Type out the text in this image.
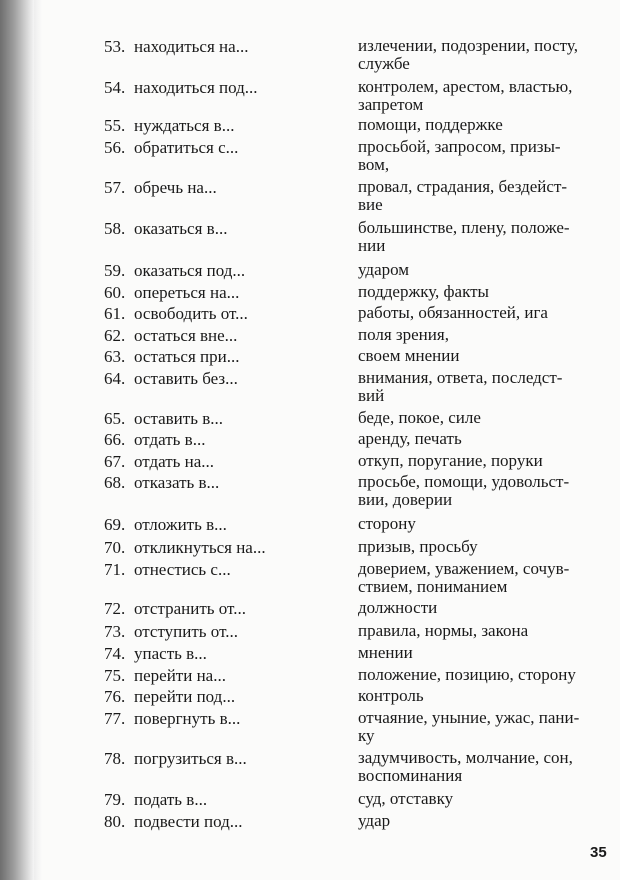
53. находиться на...	излечении, подозрении, посту,
службе
54. находиться под...	контролем, арестом, властью,
запретом
55. нуждаться в...	помощи, поддержке
56. обратиться с...	просьбой, запросом, призы-
вом,
57. обречь на...	провал, страдания, бездейст-
вие
58. оказаться в...	большинстве, плену, положе-
нии
59. оказаться под...	ударом
60. опереться на...	поддержку, факты
61. освободить от...	работы, обязанностей, ига
62. остаться вне...	поля зрения,
63. остаться при...	своем мнении
64. оставить без...	внимания, ответа, последст-
вий
65. оставить в...	беде, покое, силе
66. отдать в...	аренду, печать
67. отдать на...	откуп, поругание, поруки
68. отказать в...	просьбе, помощи, удовольст-
вии, доверии
69. отложить в...	сторону
70. откликнуться на...	призыв, просьбу
71. отнестись с...	доверием, уважением, сочув-
ствием, пониманием
72. отстранить от...	должности
73. отступить от...	правила, нормы, закона
74. упасть в...	мнении
75. перейти на...	положение, позицию, сторону
76. перейти под...	контроль
77. повергнуть в...	отчаяние, уныние, ужас, пани-
ку
78. погрузиться в...	задумчивость, молчание, сон,
воспоминания
79. подать в...	суд, отставку
80. подвести под...	удар
35
